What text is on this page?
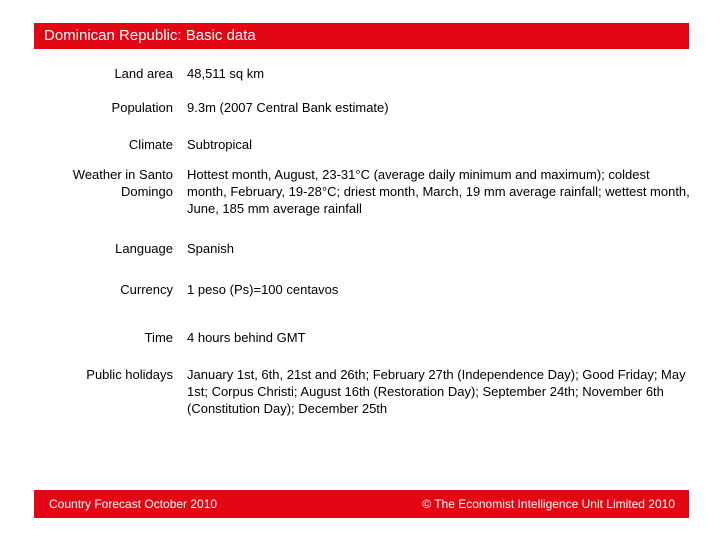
Dominican Republic: Basic data
Land area 48,511 sq km
Population 9.3m (2007 Central Bank estimate)
Climate Subtropical
Weather in Santo Domingo
Hottest month, August, 23-31°C (average daily minimum and maximum); coldest month, February, 19-28°C; driest month, March, 19 mm average rainfall; wettest month, June, 185 mm average rainfall
Language Spanish
Currency 1 peso (Ps)=100 centavos
Time 4 hours behind GMT
Public holidays January 1st, 6th, 21st and 26th; February 27th (Independence Day); Good Friday; May 1st; Corpus Christi; August 16th (Restoration Day); September 24th; November 6th (Constitution Day); December 25th
Country Forecast October 2010	© The Economist Intelligence Unit Limited 2010
